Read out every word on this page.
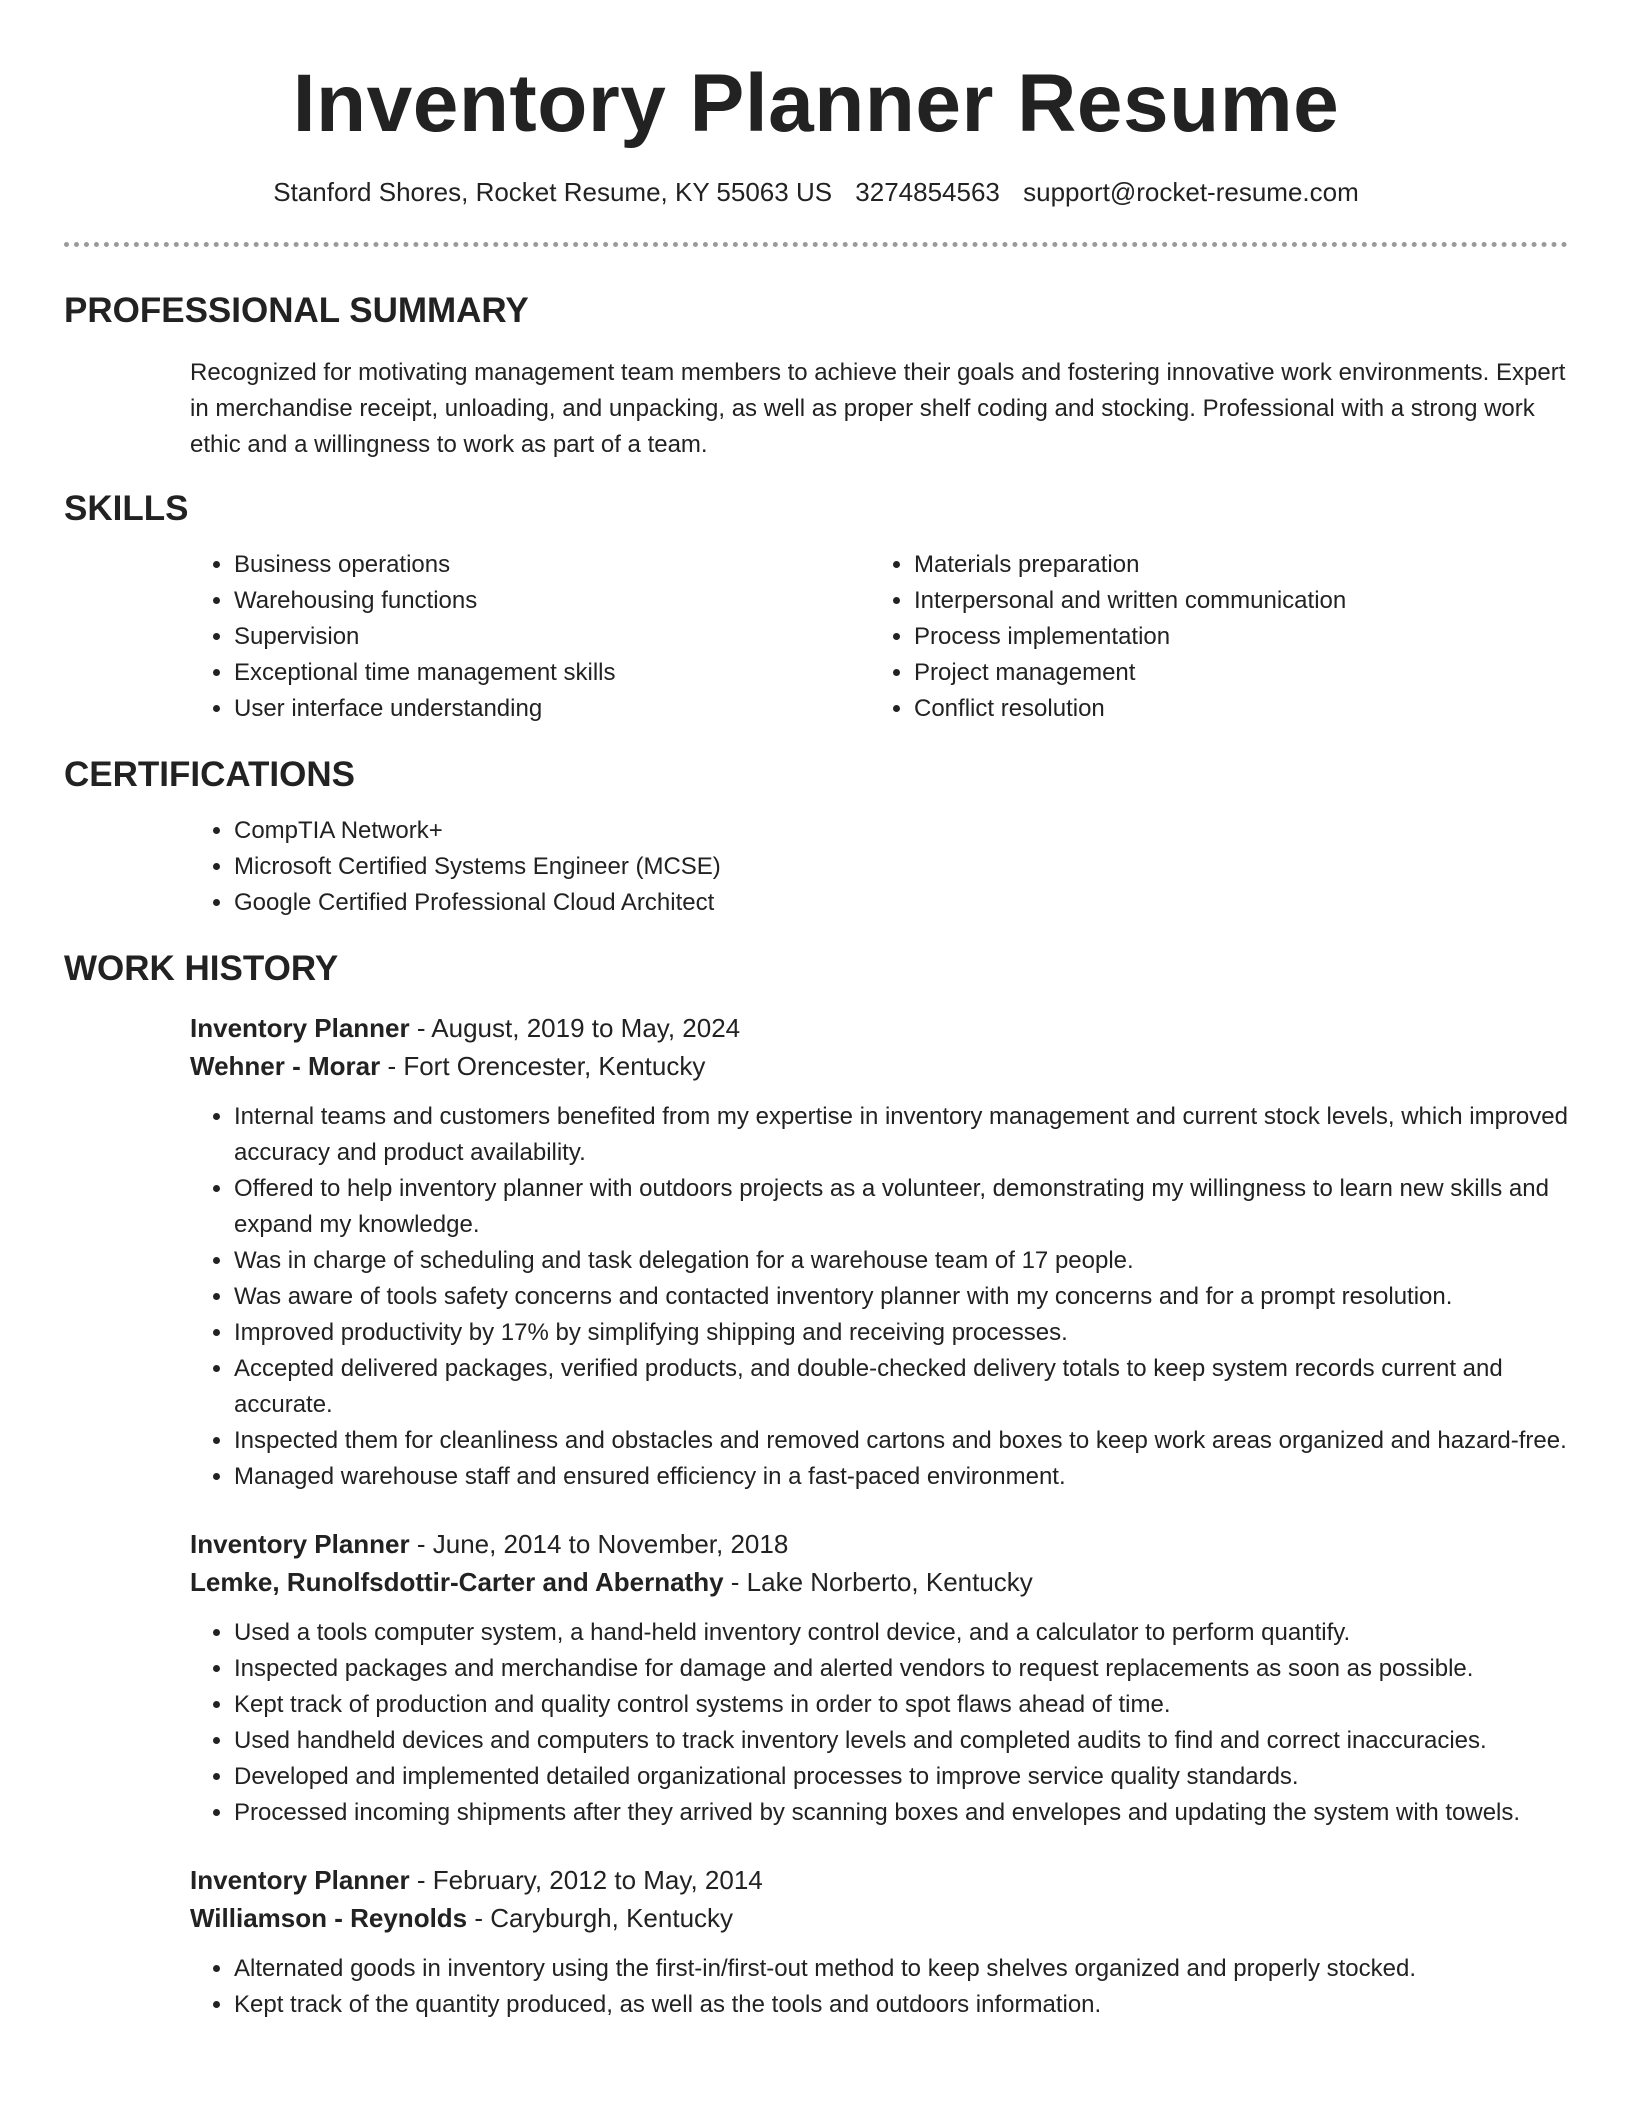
Inventory Planner Resume
Stanford Shores, Rocket Resume, KY 55063 US 3274854563 support@rocket-resume.com
PROFESSIONAL SUMMARY

Recognized for motivating management team members to achieve their goals and fostering innovative work environments. Expert in merchandise receipt, unloading, and unpacking, as well as proper shelf coding and stocking. Professional with a strong work ethic and a willingness to work as part of a team.

SKILLS
• Business operations
• Warehousing functions
• Supervision
• Exceptional time management skills
• User interface understanding
• Materials preparation
• Interpersonal and written communication
• Process implementation
• Project management
• Conflict resolution
CERTIFICATIONS
• CompTIA Network+
• Microsoft Certified Systems Engineer (MCSE)
• Google Certified Professional Cloud Architect
WORK HISTORY
Inventory Planner - August, 2019 to May, 2024
Wehner - Morar - Fort Orencester, Kentucky
• Internal teams and customers benefited from my expertise in inventory management and current stock levels, which improved accuracy and product availability.
• Offered to help inventory planner with outdoors projects as a volunteer, demonstrating my willingness to learn new skills and expand my knowledge.
• Was in charge of scheduling and task delegation for a warehouse team of 17 people.
• Was aware of tools safety concerns and contacted inventory planner with my concerns and for a prompt resolution.
• Improved productivity by 17% by simplifying shipping and receiving processes.
• Accepted delivered packages, verified products, and double-checked delivery totals to keep system records current and accurate.
• Inspected them for cleanliness and obstacles and removed cartons and boxes to keep work areas organized and hazard-free.
• Managed warehouse staff and ensured efficiency in a fast-paced environment.
Inventory Planner - June, 2014 to November, 2018
Lemke, Runolfsdottir-Carter and Abernathy - Lake Norberto, Kentucky
• Used a tools computer system, a hand-held inventory control device, and a calculator to perform quantify.
• Inspected packages and merchandise for damage and alerted vendors to request replacements as soon as possible.
• Kept track of production and quality control systems in order to spot flaws ahead of time.
• Used handheld devices and computers to track inventory levels and completed audits to find and correct inaccuracies.
• Developed and implemented detailed organizational processes to improve service quality standards.
• Processed incoming shipments after they arrived by scanning boxes and envelopes and updating the system with towels.
Inventory Planner - February, 2012 to May, 2014
Williamson - Reynolds - Caryburgh, Kentucky
• Alternated goods in inventory using the first-in/first-out method to keep shelves organized and properly stocked.
• Kept track of the quantity produced, as well as the tools and outdoors information.
